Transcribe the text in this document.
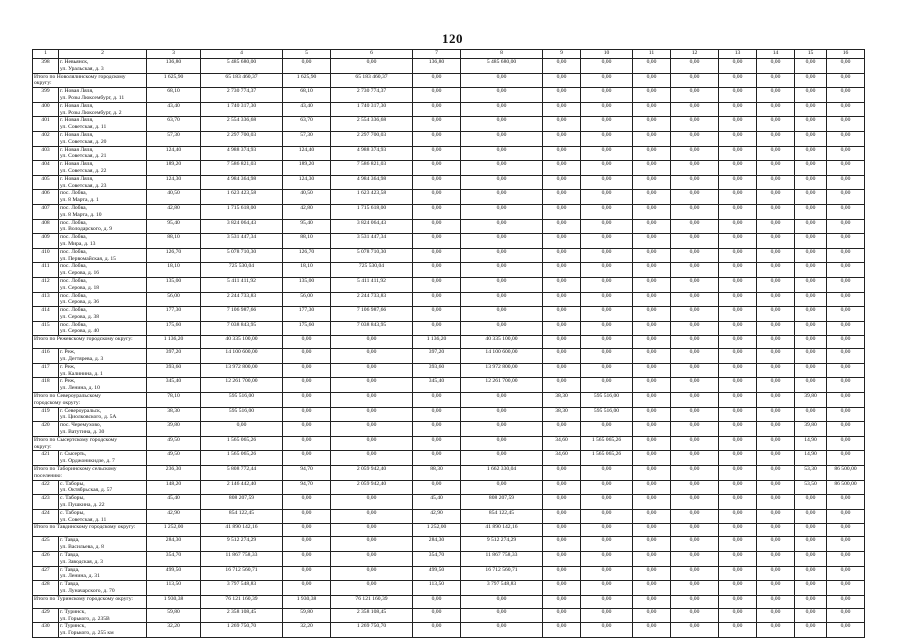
120
1	2	3	4	5	6	7	8	9	10	11	12	13	14	15	16
398	г. Невьянск,
ул. Уральская, д. 3	136,80	5 485 680,00	0,00	0,00	136,80	5 485 680,00	0,00	0,00	0,00	0,00	0,00	0,00	0,00	0,00

Итого по Новолялинскому городскому
округу:		1 625,90	65 183 460,37	1 625,90	65 183 460,37	0,00	0,00	0,00	0,00	0,00	0,00	0,00	0,00	0,00	0,00
399	г. Новая Ляля,
ул. Розы Люксембург, д. 11	68,10	2 730 774,37	68,10	2 730 774,37	0,00	0,00	0,00	0,00	0,00	0,00	0,00	0,00	0,00	0,00
400	г. Новая Ляля,
ул. Розы Люксембург, д. 2	43,40	1 740 317,30	43,40	1 740 317,30	0,00	0,00	0,00	0,00	0,00	0,00	0,00	0,00	0,00	0,00
401	г. Новая Ляля,
ул. Советская, д. 11	63,70	2 554 336,68	63,70	2 554 336,68	0,00	0,00	0,00	0,00	0,00	0,00	0,00	0,00	0,00	0,00
402	г. Новая Ляля,
ул. Советская, д. 20	57,30	2 297 700,03	57,30	2 297 700,03	0,00	0,00	0,00	0,00	0,00	0,00	0,00	0,00	0,00	0,00
403	г. Новая Ляля,
ул. Советская, д. 21	124,40	4 988 374,93	124,40	4 988 374,93	0,00	0,00	0,00	0,00	0,00	0,00	0,00	0,00	0,00	0,00
404	г. Новая Ляля,
ул. Советская, д. 22	189,20	7 586 821,03	189,20	7 586 821,03	0,00	0,00	0,00	0,00	0,00	0,00	0,00	0,00	0,00	0,00
405	г. Новая Ляля,
ул. Советская, д. 23	124,30	4 984 364,98	124,30	4 984 364,98	0,00	0,00	0,00	0,00	0,00	0,00	0,00	0,00	0,00	0,00
406	пос. Лобва,
ул. 8 Марта, д. 1	40,50	1 623 423,58	40,50	1 623 423,58	0,00	0,00	0,00	0,00	0,00	0,00	0,00	0,00	0,00	0,00
407	пос. Лобва,
ул. 8 Марта, д. 10	42,80	1 715 618,00	42,80	1 715 618,00	0,00	0,00	0,00	0,00	0,00	0,00	0,00	0,00	0,00	0,00
408	пос. Лобва,
ул. Володарского, д. 9	95,40	3 824 064,43	95,40	3 824 064,43	0,00	0,00	0,00	0,00	0,00	0,00	0,00	0,00	0,00	0,00
409	пос. Лобва,
ул. Мира, д. 13	88,10	3 531 447,34	88,10	3 531 447,34	0,00	0,00	0,00	0,00	0,00	0,00	0,00	0,00	0,00	0,00
410	пос. Лобва,
ул. Первомайская, д. 15	126,70	5 078 710,30	126,70	5 078 710,30	0,00	0,00	0,00	0,00	0,00	0,00	0,00	0,00	0,00	0,00
411	пос. Лобва,
ул. Серова, д. 16	18,10	725 530,04	18,10	725 530,04	0,00	0,00	0,00	0,00	0,00	0,00	0,00	0,00	0,00	0,00
412	пос. Лобва,
ул. Серова, д. 18	135,00	5 411 411,92	135,00	5 411 411,92	0,00	0,00	0,00	0,00	0,00	0,00	0,00	0,00	0,00	0,00
413	пос. Лобва,
ул. Серова, д. 36	56,00	2 244 733,83	56,00	2 244 733,83	0,00	0,00	0,00	0,00	0,00	0,00	0,00	0,00	0,00	0,00
414	пос. Лобва,
ул. Серова, д. 38	177,30	7 106 987,66	177,30	7 106 987,66	0,00	0,00	0,00	0,00	0,00	0,00	0,00	0,00	0,00	0,00
415	пос. Лобва,
ул. Серова, д. 40	175,60	7 038 843,95	175,60	7 038 843,95	0,00	0,00	0,00	0,00	0,00	0,00	0,00	0,00	0,00	0,00

Итого по Режевскому городскому округу:		1 136,20	40 335 100,00	0,00	0,00	1 136,20	40 335 100,00	0,00	0,00	0,00	0,00	0,00	0,00	0,00	0,00
416	г. Реж,
ул. Дегтярева, д. 3	397,20	14 100 600,00	0,00	0,00	397,20	14 100 600,00	0,00	0,00	0,00	0,00	0,00	0,00	0,00	0,00
417	г. Реж,
ул. Калинина, д. 1	393,60	13 972 800,00	0,00	0,00	393,60	13 972 800,00	0,00	0,00	0,00	0,00	0,00	0,00	0,00	0,00
418	г. Реж,
ул. Ленина, д. 10	345,40	12 261 700,00	0,00	0,00	345,40	12 261 700,00	0,00	0,00	0,00	0,00	0,00	0,00	0,00	0,00

Итого по Североуральскому
городскому округу:		78,10	595 516,00	0,00	0,00	0,00	0,00	38,30	595 516,00	0,00	0,00	0,00	0,00	39,80	0,00
419	г. Североуральск,
ул. Циолковского, д. 5А	38,30	595 516,00	0,00	0,00	0,00	0,00	38,30	595 516,00	0,00	0,00	0,00	0,00	0,00	0,00
420	пос. Черемухово,
ул. Ватутина, д. 30	39,80	0,00	0,00	0,00	0,00	0,00	0,00	0,00	0,00	0,00	0,00	0,00	39,80	0,00

Итого по Сысертскому городскому
округу:		49,50	1 565 065,26	0,00	0,00	0,00	0,00	34,60	1 565 065,26	0,00	0,00	0,00	0,00	14,90	0,00
421	г. Сысерть,
ул. Орджоникидзе, д. 7	49,50	1 565 065,26	0,00	0,00	0,00	0,00	34,60	1 565 065,26	0,00	0,00	0,00	0,00	14,90	0,00

Итого по Таборинскому сельскому
поселению:		236,30	5 808 772,44	94,70	2 059 942,40	88,30	1 662 330,04	0,00	0,00	0,00	0,00	0,00	0,00	53,30	86 500,00
422	с. Таборы,
ул. Октябрьская, д. 57	148,20	2 146 442,40	94,70	2 059 942,40	0,00	0,00	0,00	0,00	0,00	0,00	0,00	0,00	53,50	86 500,00
423	с. Таборы,
ул. Пушкина, д. 22	45,40	808 207,59	0,00	0,00	45,40	808 207,59	0,00	0,00	0,00	0,00	0,00	0,00	0,00	0,00
424	с. Таборы,
ул. Советская, д. 11	42,90	854 122,45	0,00	0,00	42,90	854 122,45	0,00	0,00	0,00	0,00	0,00	0,00	0,00	0,00

Итого по Тавдинскому городскому округу:		1 252,00	41 890 142,16	0,00	0,00	1 252,00	41 890 142,16	0,00	0,00	0,00	0,00	0,00	0,00	0,00	0,00
425	г. Тавда,
ул. Васильева, д. 8	284,30	9 512 274,29	0,00	0,00	284,30	9 512 274,29	0,00	0,00	0,00	0,00	0,00	0,00	0,00	0,00
426	г. Тавда,
ул. Заводская, д. 3	354,70	11 867 758,33	0,00	0,00	354,70	11 867 758,33	0,00	0,00	0,00	0,00	0,00	0,00	0,00	0,00
427	г. Тавда,
ул. Ленина, д. 31	499,50	16 712 560,71	0,00	0,00	499,50	16 712 560,71	0,00	0,00	0,00	0,00	0,00	0,00	0,00	0,00
428	г. Тавда,
ул. Луначарского, д. 70	113,50	3 797 548,83	0,00	0,00	113,50	3 797 548,83	0,00	0,00	0,00	0,00	0,00	0,00	0,00	0,00

Итого по Туринскому городскому округу:		1 930,38	76 121 160,39	1 930,38	76 121 160,39	0,00	0,00	0,00	0,00	0,00	0,00	0,00	0,00	0,00	0,00
429	г. Туринск,
ул. Горького, д. 235В	59,80	2 358 108,45	59,80	2 358 108,45	0,00	0,00	0,00	0,00	0,00	0,00	0,00	0,00	0,00	0,00
430	г. Туринск,
ул. Горького, д. 255 км	32,20	1 269 750,70	32,20	1 269 750,70	0,00	0,00	0,00	0,00	0,00	0,00	0,00	0,00	0,00	0,00
